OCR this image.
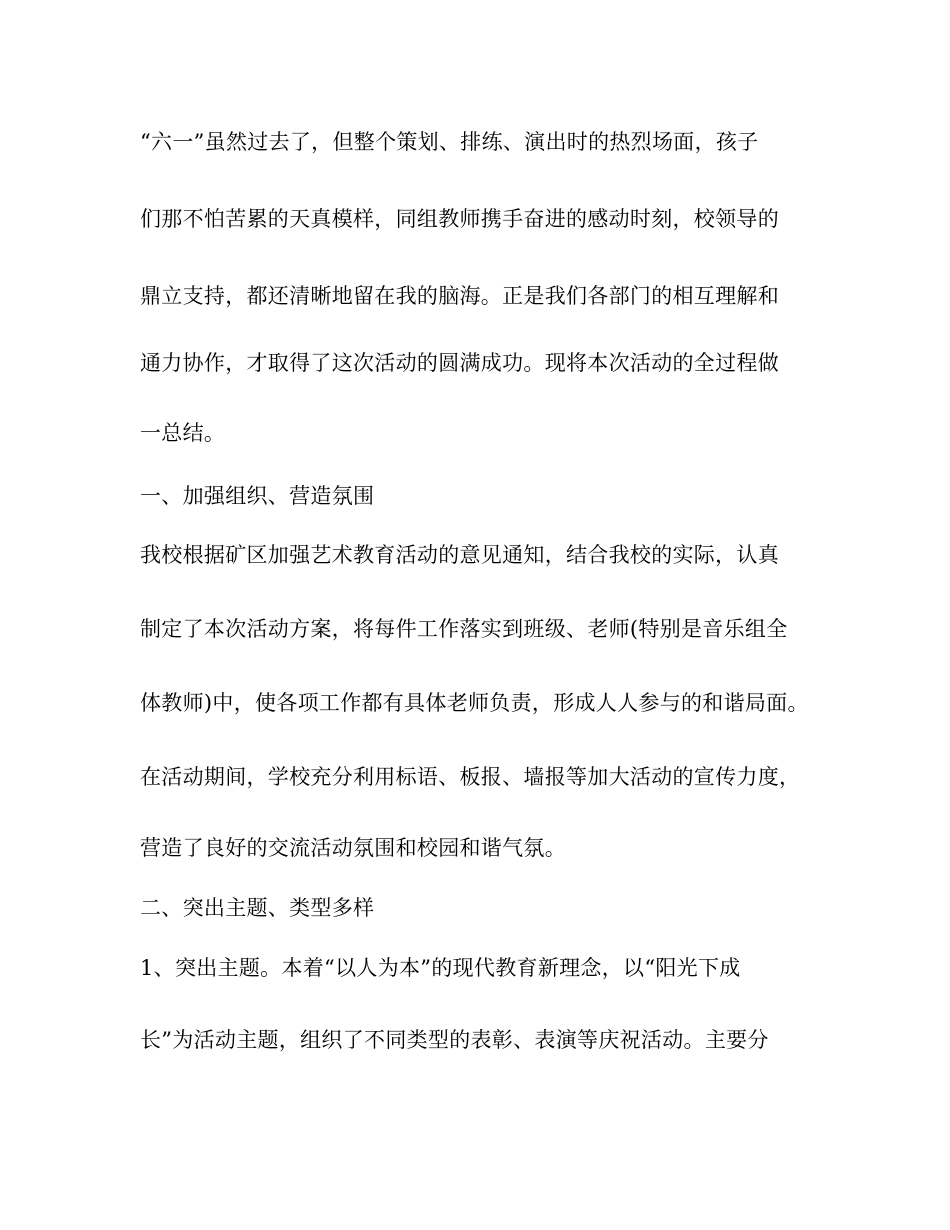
“六一”虽然过去了，但整个策划、排练、演出时的热烈场面，孩子
们那不怕苦累的天真模样，同组教师携手奋进的感动时刻，校领导的
鼎立支持，都还清晰地留在我的脑海。正是我们各部门的相互理解和
通力协作，才取得了这次活动的圆满成功。现将本次活动的全过程做
一总结。
一、加强组织、营造氛围
我校根据矿区加强艺术教育活动的意见通知，结合我校的实际，认真
制定了本次活动方案，将每件工作落实到班级、老师(特别是音乐组全
体教师)中，使各项工作都有具体老师负责，形成人人参与的和谐局面。
在活动期间，学校充分利用标语、板报、墙报等加大活动的宣传力度，
营造了良好的交流活动氛围和校园和谐气氛。
二、突出主题、类型多样
1、突出主题。本着“以人为本”的现代教育新理念，以“阳光下成
长”为活动主题，组织了不同类型的表彰、表演等庆祝活动。主要分
